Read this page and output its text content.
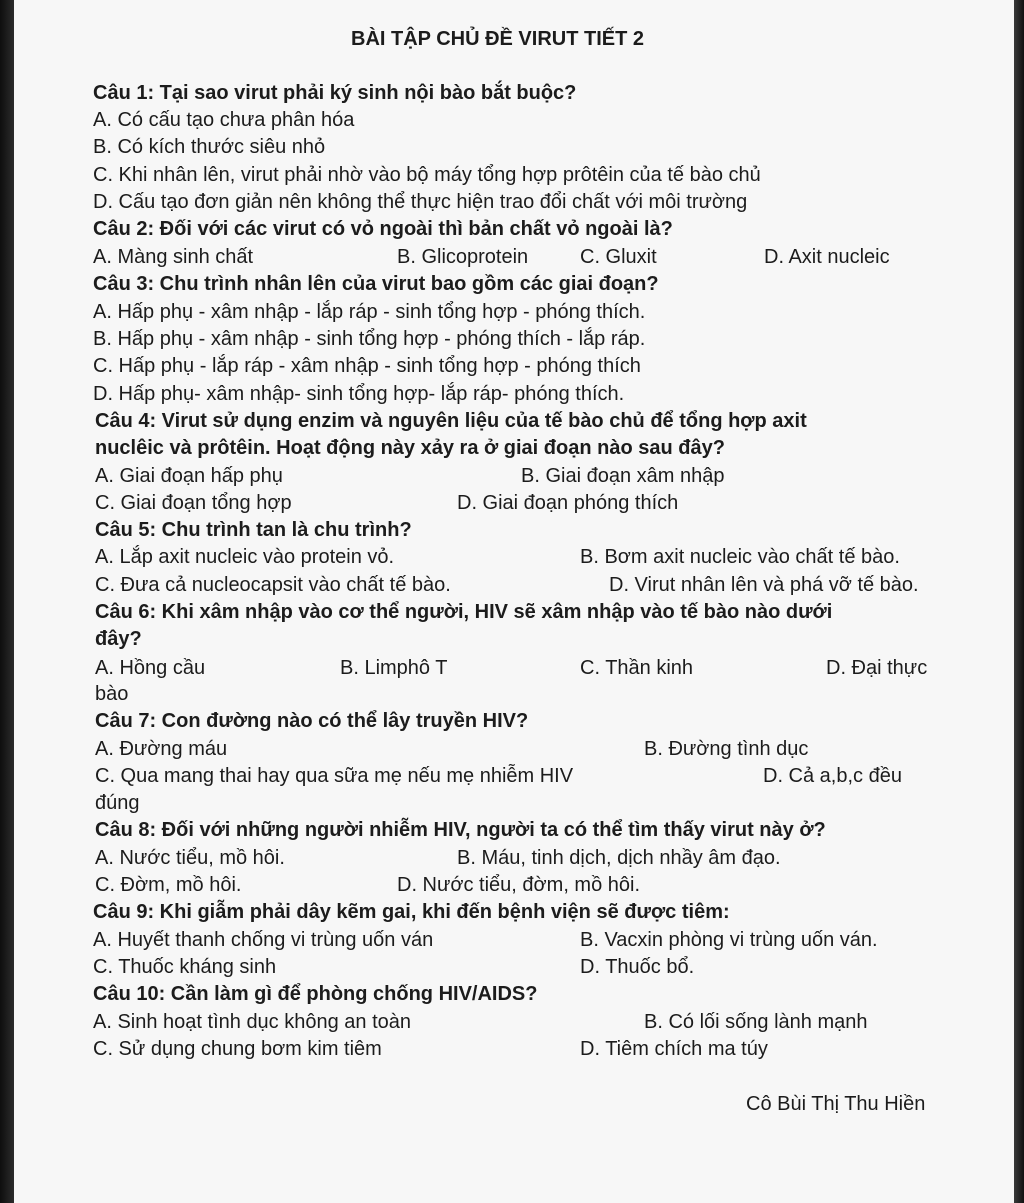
BÀI TẬP CHỦ ĐỀ VIRUT TIẾT 2
Câu 1: Tại sao virut phải ký sinh nội bào bắt buộc?
A. Có cấu tạo chưa phân hóa
B. Có kích thước siêu nhỏ
C. Khi nhân lên, virut phải nhờ vào bộ máy tổng hợp prôtêin của tế bào chủ
D. Cấu tạo đơn giản nên không thể thực hiện trao đổi chất với môi trường
Câu 2: Đối với các virut có vỏ ngoài thì bản chất vỏ ngoài là?
A. Màng sinh chất	B. Glicoprotein	C. Gluxit	D. Axit nucleic
Câu 3: Chu trình nhân lên của virut bao gồm các giai đoạn?
A. Hấp phụ - xâm nhập - lắp ráp - sinh tổng hợp - phóng thích.
B. Hấp phụ - xâm nhập - sinh tổng hợp - phóng thích - lắp ráp.
C. Hấp phụ - lắp ráp - xâm nhập - sinh tổng hợp - phóng thích
D. Hấp phụ- xâm nhập- sinh tổng hợp- lắp ráp- phóng thích.
Câu 4: Virut sử dụng enzim và nguyên liệu của tế bào chủ để tổng hợp axit
nuclêic và prôtêin. Hoạt động này xảy ra ở giai đoạn nào sau đây?
A. Giai đoạn hấp phụ	B. Giai đoạn xâm nhập
C. Giai đoạn tổng hợp	D. Giai đoạn phóng thích
Câu 5: Chu trình tan là chu trình?
A. Lắp axit nucleic vào protein vỏ.	B. Bơm axit nucleic vào chất tế bào.
C. Đưa cả nucleocapsit vào chất tế bào.	D. Virut nhân lên và phá vỡ tế bào.
Câu 6: Khi xâm nhập vào cơ thể người, HIV sẽ xâm nhập vào tế bào nào dưới
đây?
A. Hồng cầu	B. Limphô T	C. Thần kinh	D. Đại thực
bào
Câu 7: Con đường nào có thể lây truyền HIV?
A. Đường máu	B. Đường tình dục
C. Qua mang thai hay qua sữa mẹ nếu mẹ nhiễm HIV	D. Cả a,b,c đều
đúng
Câu 8: Đối với những người nhiễm HIV, người ta có thể tìm thấy virut này ở?
A. Nước tiểu, mồ hôi.	B. Máu, tinh dịch, dịch nhầy âm đạo.
C. Đờm, mồ hôi.	D. Nước tiểu, đờm, mồ hôi.
Câu 9: Khi giẫm phải dây kẽm gai, khi đến bệnh viện sẽ được tiêm:
A. Huyết thanh chống vi trùng uốn ván	B. Vacxin phòng vi trùng uốn ván.
C. Thuốc kháng sinh	D. Thuốc bổ.
Câu 10: Cần làm gì để phòng chống HIV/AIDS?
A. Sinh hoạt tình dục không an toàn	B. Có lối sống lành mạnh
C. Sử dụng chung bơm kim tiêm	D. Tiêm chích ma túy
Cô Bùi Thị Thu Hiền
